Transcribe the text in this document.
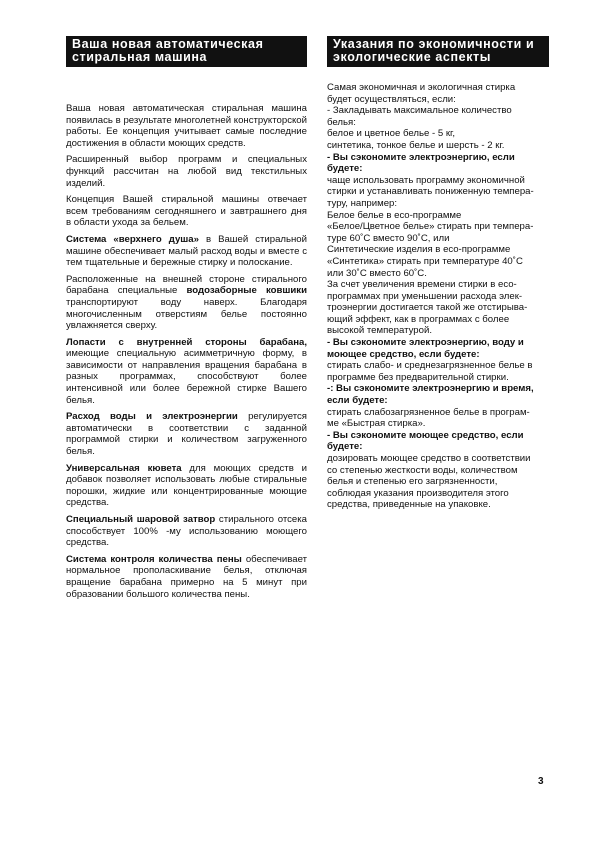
Ваша новая автоматическая
стиральная машина

Ваша новая автоматическая стиральная машина появилась в результате многолетней конструкторской работы. Ее концепция учитывает самые последние достижения в области моющих средств.

Расширенный выбор программ и специальных функций рассчитан на любой вид текстильных изделий.

Концепция Вашей стиральной машины отвечает всем требованиям сегодняшнего и завтрашнего дня в области ухода за бельем.

Система «верхнего душа» в Вашей стиральной машине обеспечивает малый расход воды и вместе с тем тщательные и бережные стирку и полоскание.

Расположенные на внешней стороне стирального барабана специальные водозаборные ковшики транспортируют воду наверх. Благодаря многочисленным отверстиям белье постоянно увлажняется сверху.

Лопасти с внутренней стороны барабана, имеющие специальную асимметричную форму, в зависимости от направления вращения барабана в разных программах, способствуют более интенсивной или более бережной стирке Вашего белья.

Расход воды и электроэнергии регулируется автоматически в соответствии с заданной программой стирки и количеством загруженного белья.

Универсальная кювета для моющих средств и добавок позволяет использовать любые стиральные порошки, жидкие или концентрированные моющие средства.

Специальный шаровой затвор стирального отсека способствует 100% -му использованию моющего средства.

Система контроля количества пены обеспечивает нормальное прополаскивание белья, отключая вращение барабана примерно на 5 минут при образовании большого количества пены.

Указания по экономичности и
экологические аспекты

Самая экономичная и экологичная стирка

будет осуществляться, если:

- Закладывать максимальное количество

белья:

белое и цветное белье - 5 кг,

синтетика, тонкое белье и шерсть - 2 кг.

- Вы сэкономите электроэнергию, если

будете:

чаще использовать программу экономичной

стирки и устанавливать пониженную темпера-

туру, например:

Белое белье в eco-программе

«Белое/Цветное белье» стирать при темпера-

туре 60˚С вместо 90˚С, или

Синтетические изделия в eco-программе

«Синтетика» стирать при температуре 40˚С

или 30˚С вместо 60˚С.

За счет увеличения времени стирки в eco-

программах при уменьшении расхода элек-

троэнергии достигается такой же отстирыва-

ющий эффект, как в программах с более

высокой температурой.

- Вы сэкономите электроэнергию, воду и

моющее средство, если будете:

стирать слабо- и среднезагрязненное белье в

программе без предварительной стирки.

-: Вы сэкономите электроэнергию и время,

если будете:

стирать слабозагрязненное белье в програм-

ме «Быстрая стирка».

- Вы сэкономите моющее средство, если

будете:

дозировать моющее средство в соответствии

со степенью жесткости воды, количеством

белья и степенью его загрязненности,

соблюдая указания производителя этого

средства, приведенные на упаковке.

3
